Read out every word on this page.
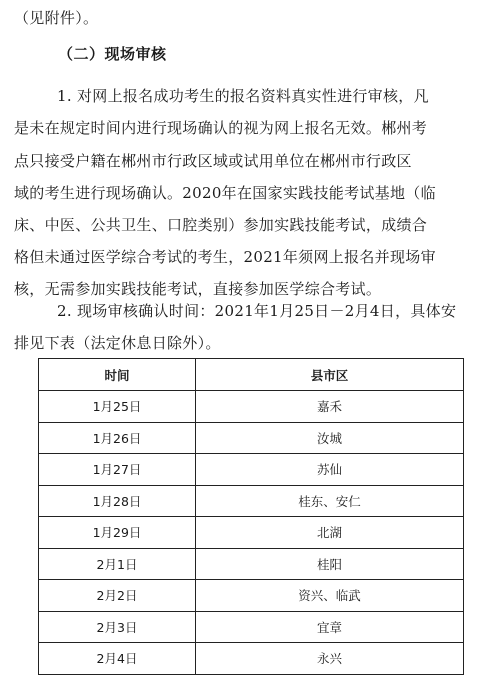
（见附件）。
（二）现场审核
1. 对网上报名成功考生的报名资料真实性进行审核，凡
是未在规定时间内进行现场确认的视为网上报名无效。郴州考
点只接受户籍在郴州市行政区域或试用单位在郴州市行政区
域的考生进行现场确认。2020年在国家实践技能考试基地（临
床、中医、公共卫生、口腔类别）参加实践技能考试，成绩合
格但未通过医学综合考试的考生，2021年须网上报名并现场审
核，无需参加实践技能考试，直接参加医学综合考试。
2. 现场审核确认时间：2021年1月25日－2月4日，具体安
排见下表（法定休息日除外）。
时间	县市区
1月25日	嘉禾
1月26日	汝城
1月27日	苏仙
1月28日	桂东、安仁
1月29日	北湖
2月1日	桂阳
2月2日	资兴、临武
2月3日	宜章
2月4日	永兴
